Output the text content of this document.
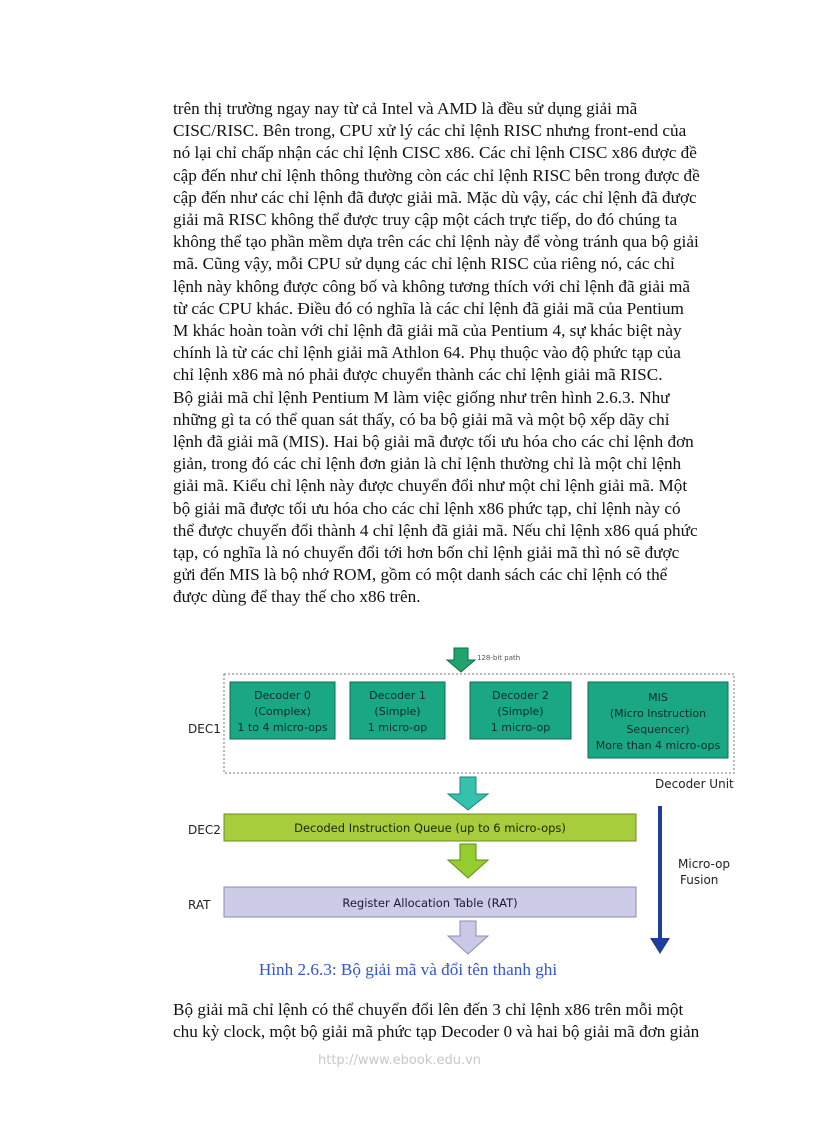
trên thị trường ngay nay từ cả Intel và AMD là đều sử dụng giải mã
CISC/RISC. Bên trong, CPU xử lý các chỉ lệnh RISC nhưng front-end của
nó lại chỉ chấp nhận các chỉ lệnh CISC x86. Các chỉ lệnh CISC x86 được đề
cập đến như chỉ lệnh thông thường còn các chỉ lệnh RISC bên trong được đề
cập đến như các chỉ lệnh đã được giải mã. Mặc dù vậy, các chỉ lệnh đã được
giải mã RISC không thể được truy cập một cách trực tiếp, do đó chúng ta
không thể tạo phần mềm dựa trên các chỉ lệnh này để vòng tránh qua bộ giải
mã. Cũng vậy, mỗi CPU sử dụng các chỉ lệnh RISC của riêng nó, các chỉ
lệnh này không được công bố và không tương thích với chỉ lệnh đã giải mã
từ các CPU khác. Điều đó có nghĩa là các chỉ lệnh đã giải mã của Pentium
M khác hoàn toàn với chỉ lệnh đã giải mã của Pentium 4, sự khác biệt này
chính là từ các chỉ lệnh giải mã Athlon 64. Phụ thuộc vào độ phức tạp của
chỉ lệnh x86 mà nó phải được chuyển thành các chỉ lệnh giải mã RISC.
Bộ giải mã chỉ lệnh Pentium M làm việc giống như trên hình 2.6.3. Như
những gì ta có thể quan sát thấy, có ba bộ giải mã và một bộ xếp dãy chỉ
lệnh đã giải mã (MIS). Hai bộ giải mã được tối ưu hóa cho các chỉ lệnh đơn
giản, trong đó các chỉ lệnh đơn giản là chỉ lệnh thường chỉ là một chỉ lệnh
giải mã. Kiểu chỉ lệnh này được chuyển đổi như một chỉ lệnh giải mã. Một
bộ giải mã được tối ưu hóa cho các chỉ lệnh x86 phức tạp, chỉ lệnh này có
thể được chuyển đổi thành 4 chỉ lệnh đã giải mã. Nếu chỉ lệnh x86 quá phức
tạp, có nghĩa là nó chuyển đổi tới hơn bốn chỉ lệnh giải mã thì nó sẽ được
gửi đến MIS là bộ nhớ ROM, gồm có một danh sách các chỉ lệnh có thể
được dùng để thay thế cho x86 trên.
128-bit path
DEC1
Decoder 0
(Complex)
1 to 4 micro-ops
Decoder 1
(Simple)
1 micro-op
Decoder 2
(Simple)
1 micro-op
MIS
(Micro Instruction
Sequencer)
More than 4 micro-ops
Decoder Unit
DEC2	Decoded Instruction Queue (up to 6 micro-ops)
RAT	Register Allocation Table (RAT)
Micro-op
Fusion
Hình 2.6.3: Bộ giải mã và đổi tên thanh ghi
Bộ giải mã chỉ lệnh có thể chuyển đổi lên đến 3 chỉ lệnh x86 trên mỗi một
chu kỳ clock, một bộ giải mã phức tạp Decoder 0 và hai bộ giải mã đơn giản
http://www.ebook.edu.vn
